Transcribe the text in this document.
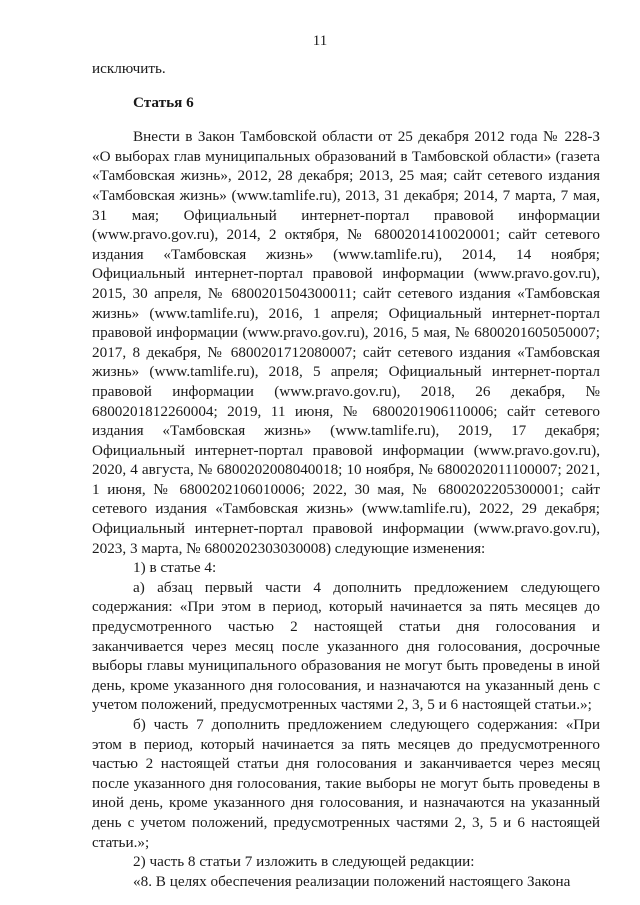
11

исключить.

Статья 6

Внести в Закон Тамбовской области от 25 декабря 2012 года № 228-З «О выборах глав муниципальных образований в Тамбовской области» (газета «Тамбовская жизнь», 2012, 28 декабря; 2013, 25 мая; сайт сетевого издания «Тамбовская жизнь» (www.tamlife.ru), 2013, 31 декабря; 2014, 7 марта, 7 мая, 31 мая; Официальный интернет-портал правовой информации (www.pravo.gov.ru), 2014, 2 октября, № 6800201410020001; сайт сетевого издания «Тамбовская жизнь» (www.tamlife.ru), 2014, 14 ноября; Официальный интернет-портал правовой информации (www.pravo.gov.ru), 2015, 30 апреля, № 6800201504300011; сайт сетевого издания «Тамбовская жизнь» (www.tamlife.ru), 2016, 1 апреля; Официальный интернет-портал правовой информации (www.pravo.gov.ru), 2016, 5 мая, № 6800201605050007; 2017, 8 декабря, № 6800201712080007; сайт сетевого издания «Тамбовская жизнь» (www.tamlife.ru), 2018, 5 апреля; Официальный интернет-портал правовой информации (www.pravo.gov.ru), 2018, 26 декабря, № 6800201812260004; 2019, 11 июня, № 6800201906110006; сайт сетевого издания «Тамбовская жизнь» (www.tamlife.ru), 2019, 17 декабря; Официальный интернет-портал правовой информации (www.pravo.gov.ru), 2020, 4 августа, № 6800202008040018; 10 ноября, № 6800202011100007; 2021, 1 июня, № 6800202106010006; 2022, 30 мая, № 6800202205300001; сайт сетевого издания «Тамбовская жизнь» (www.tamlife.ru), 2022, 29 декабря; Официальный интернет-портал правовой информации (www.pravo.gov.ru), 2023, 3 марта, № 6800202303030008) следующие изменения:

1) в статье 4:

а) абзац первый части 4 дополнить предложением следующего содержания: «При этом в период, который начинается за пять месяцев до предусмотренного частью 2 настоящей статьи дня голосования и заканчивается через месяц после указанного дня голосования, досрочные выборы главы муниципального образования не могут быть проведены в иной день, кроме указанного дня голосования, и назначаются на указанный день с учетом положений, предусмотренных частями 2, 3, 5 и 6 настоящей статьи.»;

б) часть 7 дополнить предложением следующего содержания: «При этом в период, который начинается за пять месяцев до предусмотренного частью 2 настоящей статьи дня голосования и заканчивается через месяц после указанного дня голосования, такие выборы не могут быть проведены в иной день, кроме указанного дня голосования, и назначаются на указанный день с учетом положений, предусмотренных частями 2, 3, 5 и 6 настоящей статьи.»;

2) часть 8 статьи 7 изложить в следующей редакции:

«8. В целях обеспечения реализации положений настоящего Закона
